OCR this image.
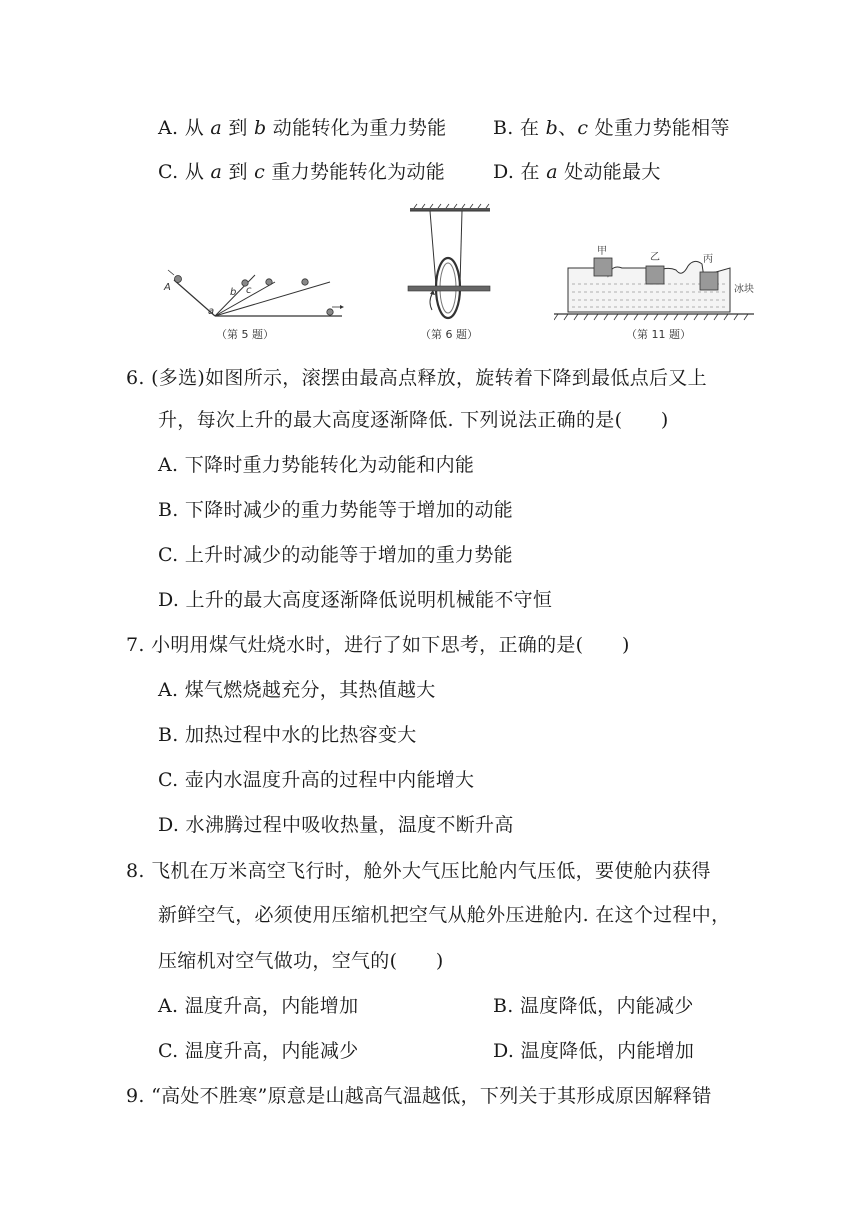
A. 从 a 到 b 动能转化为重力势能 B. 在 b、c 处重力势能相等
C. 从 a 到 c 重力势能转化为动能	D. 在 a 处动能最大
A
a
b c
（第 5 题）	（第 6 题）
甲
乙	丙
冰块
（第 11 题）
6. (多选)如图所示，滚摆由最高点释放，旋转着下降到最低点后又上
升，每次上升的最大高度逐渐降低. 下列说法正确的是(　　)
A. 下降时重力势能转化为动能和内能
B. 下降时减少的重力势能等于增加的动能
C. 上升时减少的动能等于增加的重力势能
D. 上升的最大高度逐渐降低说明机械能不守恒
7. 小明用煤气灶烧水时，进行了如下思考，正确的是(　　)
A. 煤气燃烧越充分，其热值越大
B. 加热过程中水的比热容变大
C. 壶内水温度升高的过程中内能增大
D. 水沸腾过程中吸收热量，温度不断升高
8. 飞机在万米高空飞行时，舱外大气压比舱内气压低，要使舱内获得
新鲜空气，必须使用压缩机把空气从舱外压进舱内. 在这个过程中，
压缩机对空气做功，空气的(　　)
A. 温度升高，内能增加	B. 温度降低，内能减少
C. 温度升高，内能减少	D. 温度降低，内能增加
9. “高处不胜寒”原意是山越高气温越低，下列关于其形成原因解释错
